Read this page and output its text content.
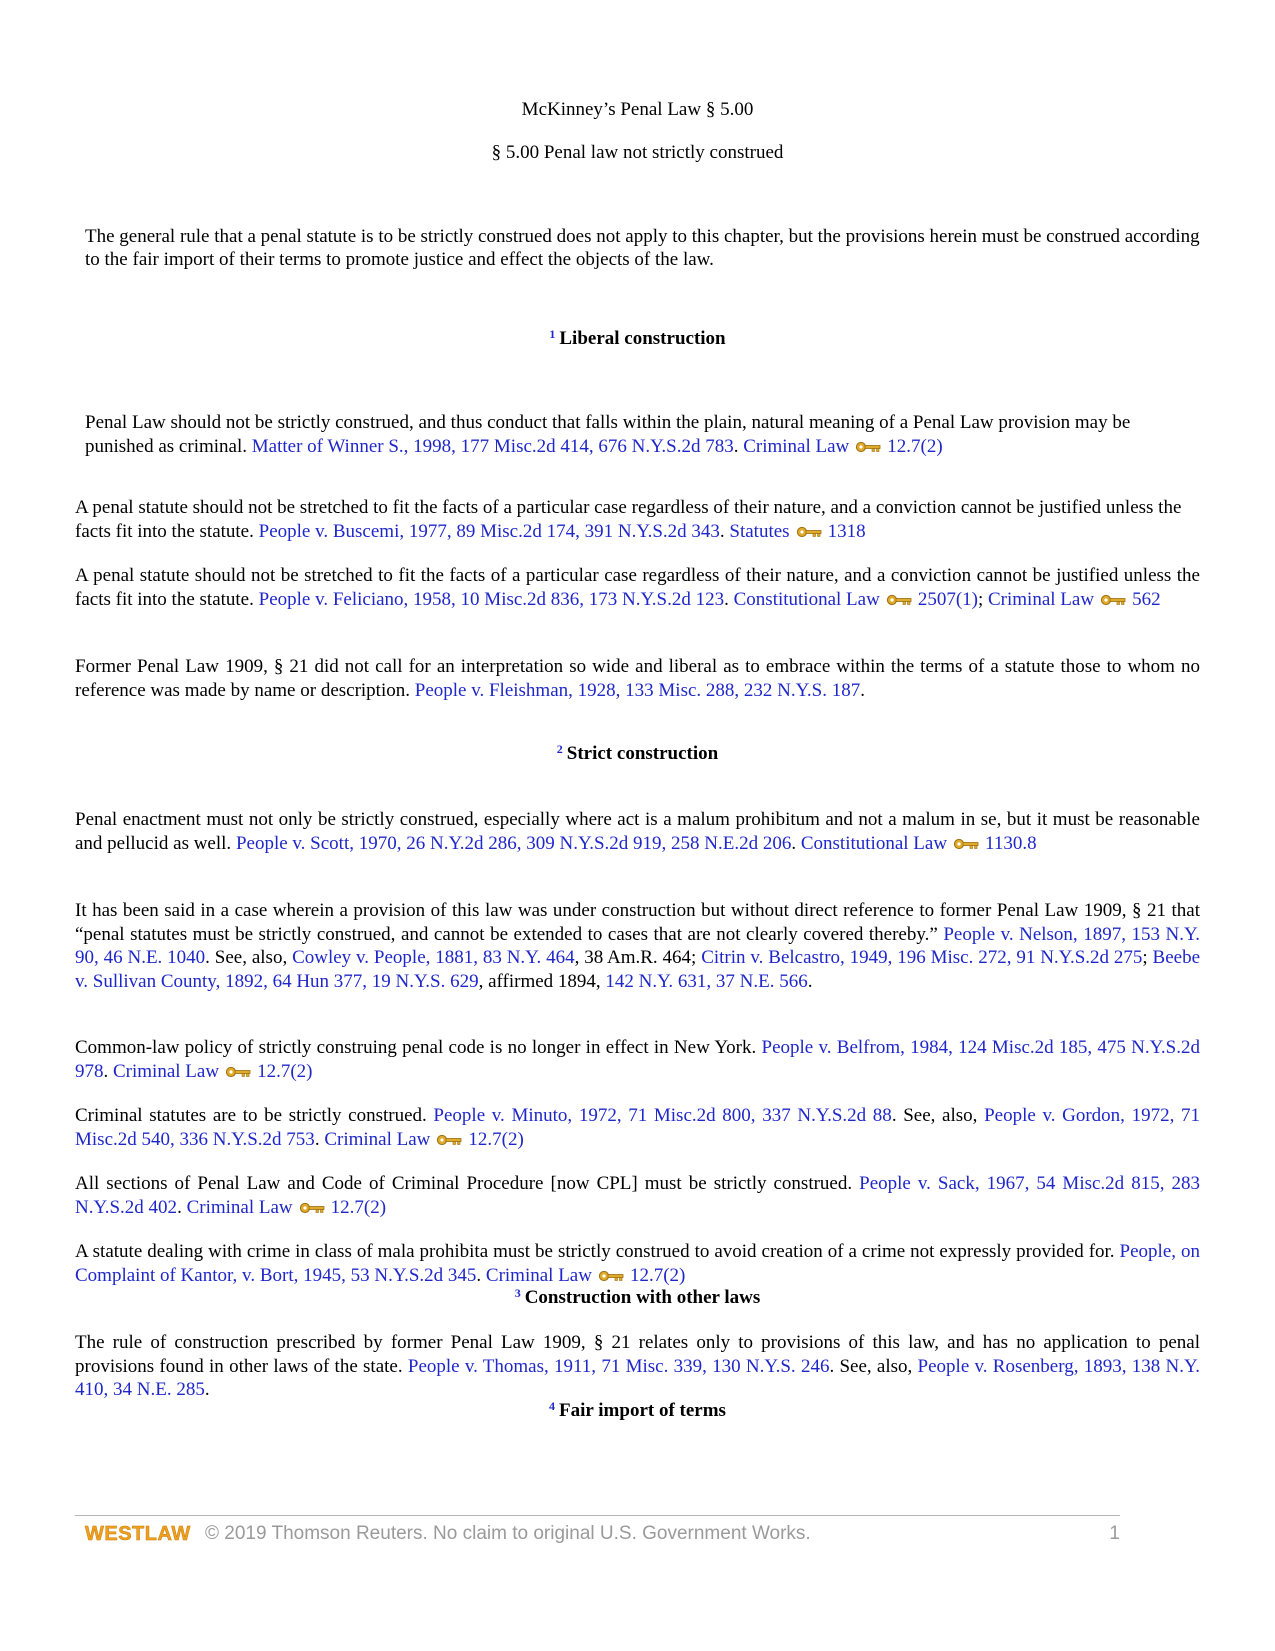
McKinney’s Penal Law § 5.00
§ 5.00 Penal law not strictly construed
The general rule that a penal statute is to be strictly construed does not apply to this chapter, but the provisions herein must be construed according to the fair import of their terms to promote justice and effect the objects of the law.
$^1$ Liberal construction
Penal Law should not be strictly construed, and thus conduct that falls within the plain, natural meaning of a Penal Law provision may be punished as criminal. Matter of Winner S., 1998, 177 Misc.2d 414, 676 N.Y.S.2d 783. Criminal Law 12.7(2)
A penal statute should not be stretched to fit the facts of a particular case regardless of their nature, and a conviction cannot be justified unless the facts fit into the statute. People v. Buscemi, 1977, 89 Misc.2d 174, 391 N.Y.S.2d 343. Statutes 1318
A penal statute should not be stretched to fit the facts of a particular case regardless of their nature, and a conviction cannot be justified unless the facts fit into the statute. People v. Feliciano, 1958, 10 Misc.2d 836, 173 N.Y.S.2d 123. Constitutional Law 2507(1); Criminal Law 562
Former Penal Law 1909, § 21 did not call for an interpretation so wide and liberal as to embrace within the terms of a statute those to whom no reference was made by name or description. People v. Fleishman, 1928, 133 Misc. 288, 232 N.Y.S. 187.
$^2$ Strict construction
Penal enactment must not only be strictly construed, especially where act is a malum prohibitum and not a malum in se, but it must be reasonable and pellucid as well. People v. Scott, 1970, 26 N.Y.2d 286, 309 N.Y.S.2d 919, 258 N.E.2d 206. Constitutional Law 1130.8
It has been said in a case wherein a provision of this law was under construction but without direct reference to former Penal Law 1909, § 21 that “penal statutes must be strictly construed, and cannot be extended to cases that are not clearly covered thereby.” People v. Nelson, 1897, 153 N.Y. 90, 46 N.E. 1040. See, also, Cowley v. People, 1881, 83 N.Y. 464, 38 Am.R. 464; Citrin v. Belcastro, 1949, 196 Misc. 272, 91 N.Y.S.2d 275; Beebe v. Sullivan County, 1892, 64 Hun 377, 19 N.Y.S. 629, affirmed 1894, 142 N.Y. 631, 37 N.E. 566.
Common-law policy of strictly construing penal code is no longer in effect in New York. People v. Belfrom, 1984, 124 Misc.2d 185, 475 N.Y.S.2d 978. Criminal Law 12.7(2)
Criminal statutes are to be strictly construed. People v. Minuto, 1972, 71 Misc.2d 800, 337 N.Y.S.2d 88. See, also, People v. Gordon, 1972, 71 Misc.2d 540, 336 N.Y.S.2d 753. Criminal Law 12.7(2)
All sections of Penal Law and Code of Criminal Procedure [now CPL] must be strictly construed. People v. Sack, 1967, 54 Misc.2d 815, 283 N.Y.S.2d 402. Criminal Law 12.7(2)
A statute dealing with crime in class of mala prohibita must be strictly construed to avoid creation of a crime not expressly provided for. People, on Complaint of Kantor, v. Bort, 1945, 53 N.Y.S.2d 345. Criminal Law 12.7(2)
$^3$ Construction with other laws
The rule of construction prescribed by former Penal Law 1909, § 21 relates only to provisions of this law, and has no application to penal provisions found in other laws of the state. People v. Thomas, 1911, 71 Misc. 339, 130 N.Y.S. 246. See, also, People v. Rosenberg, 1893, 138 N.Y. 410, 34 N.E. 285.
$^4$ Fair import of terms
WESTLAW © 2019 Thomson Reuters. No claim to original U.S. Government Works.	1
